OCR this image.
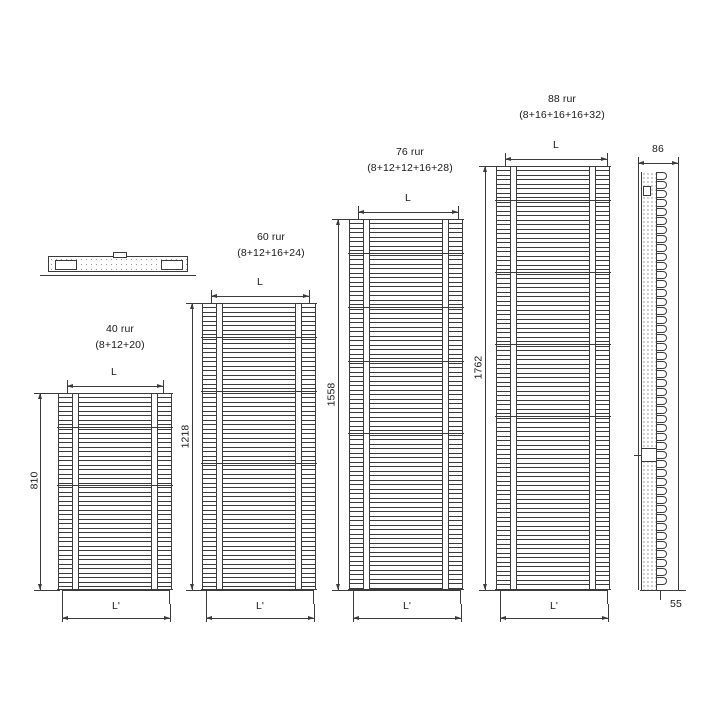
40 rur
(8+12+20)
L
810
L'
60 rur
(8+12+16+24)
L
1218
L'
76 rur
(8+12+12+16+28)
L
1558
L'
88 rur
(8+16+16+16+32)
L
1762
L'
86
55
